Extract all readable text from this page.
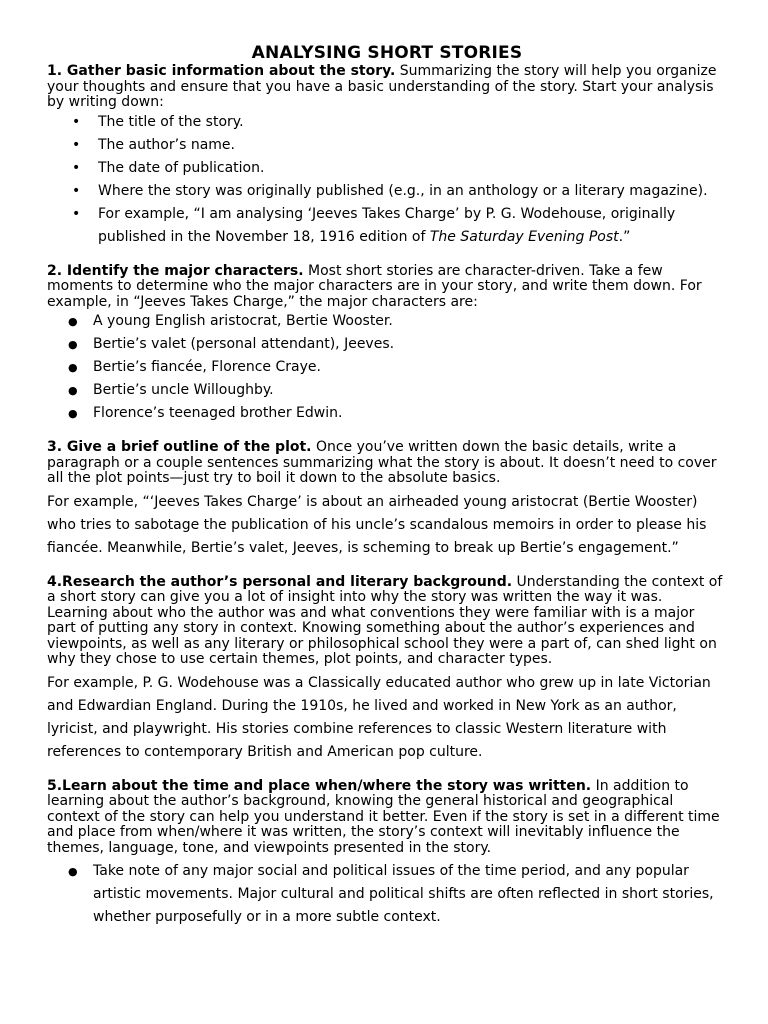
ANALYSING SHORT STORIES

1. Gather basic information about the story. Summarizing the story will help you organize your thoughts and ensure that you have a basic understanding of the story. Start your analysis by writing down:

• The title of the story.
• The author’s name.
• The date of publication.
• Where the story was originally published (e.g., in an anthology or a literary magazine).
• For example, “I am analysing ‘Jeeves Takes Charge’ by P. G. Wodehouse, originally published in the November 18, 1916 edition of The Saturday Evening Post.”

2. Identify the major characters. Most short stories are character-driven. Take a few moments to determine who the major characters are in your story, and write them down. For example, in “Jeeves Takes Charge,” the major characters are:

● A young English aristocrat, Bertie Wooster.
● Bertie’s valet (personal attendant), Jeeves.
● Bertie’s fiancée, Florence Craye.
● Bertie’s uncle Willoughby.
● Florence’s teenaged brother Edwin.

3. Give a brief outline of the plot. Once you’ve written down the basic details, write a paragraph or a couple sentences summarizing what the story is about. It doesn’t need to cover all the plot points—just try to boil it down to the absolute basics.

For example, “‘Jeeves Takes Charge’ is about an airheaded young aristocrat (Bertie Wooster) who tries to sabotage the publication of his uncle’s scandalous memoirs in order to please his fiancée. Meanwhile, Bertie’s valet, Jeeves, is scheming to break up Bertie’s engagement.”

4.Research the author’s personal and literary background. Understanding the context of a short story can give you a lot of insight into why the story was written the way it was. Learning about who the author was and what conventions they were familiar with is a major part of putting any story in context. Knowing something about the author’s experiences and viewpoints, as well as any literary or philosophical school they were a part of, can shed light on why they chose to use certain themes, plot points, and character types.

For example, P. G. Wodehouse was a Classically educated author who grew up in late Victorian and Edwardian England. During the 1910s, he lived and worked in New York as an author, lyricist, and playwright. His stories combine references to classic Western literature with references to contemporary British and American pop culture.

5.Learn about the time and place when/where the story was written. In addition to learning about the author’s background, knowing the general historical and geographical context of the story can help you understand it better. Even if the story is set in a different time and place from when/where it was written, the story’s context will inevitably influence the themes, language, tone, and viewpoints presented in the story.

● Take note of any major social and political issues of the time period, and any popular artistic movements. Major cultural and political shifts are often reflected in short stories, whether purposefully or in a more subtle context.
